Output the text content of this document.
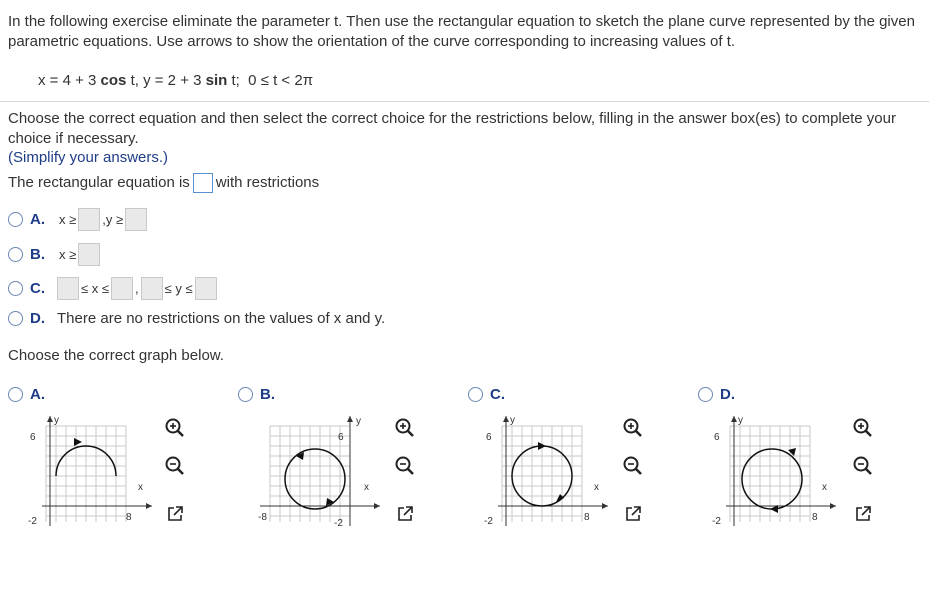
In the following exercise eliminate the parameter t. Then use the rectangular equation to sketch the plane curve represented by the given parametric equations. Use arrows to show the orientation of the curve corresponding to increasing values of t.
x = 4 + 3 cos t, y = 2 + 3 sin t;  0 ≤ t < 2π
Choose the correct equation and then select the correct choice for the restrictions below, filling in the answer box(es) to complete your choice if necessary.
(Simplify your answers.)
The rectangular equation is with restrictions
A.	x ≥ ,y ≥
B.	x ≥
C.	≤ x ≤ , ≤ y ≤
D. There are no restrictions on the values of x and y.
Choose the correct graph below.
A.	B.	C.	D.
y
x
6
-2	8
y
x
6
-2
-8
y
x
6
-2	8
y
x
6
-2	8
